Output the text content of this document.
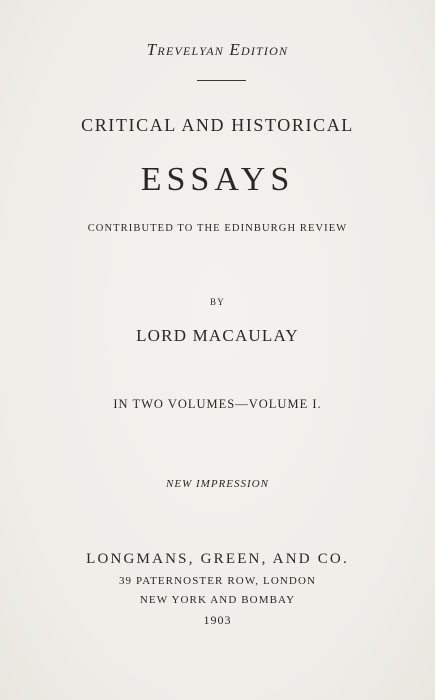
Trevelyan Edition
CRITICAL AND HISTORICAL
ESSAYS
CONTRIBUTED TO THE EDINBURGH REVIEW
BY
LORD MACAULAY
IN TWO VOLUMES—VOLUME I.
NEW IMPRESSION
LONGMANS, GREEN, AND CO.
39 PATERNOSTER ROW, LONDON
NEW YORK AND BOMBAY
1903
